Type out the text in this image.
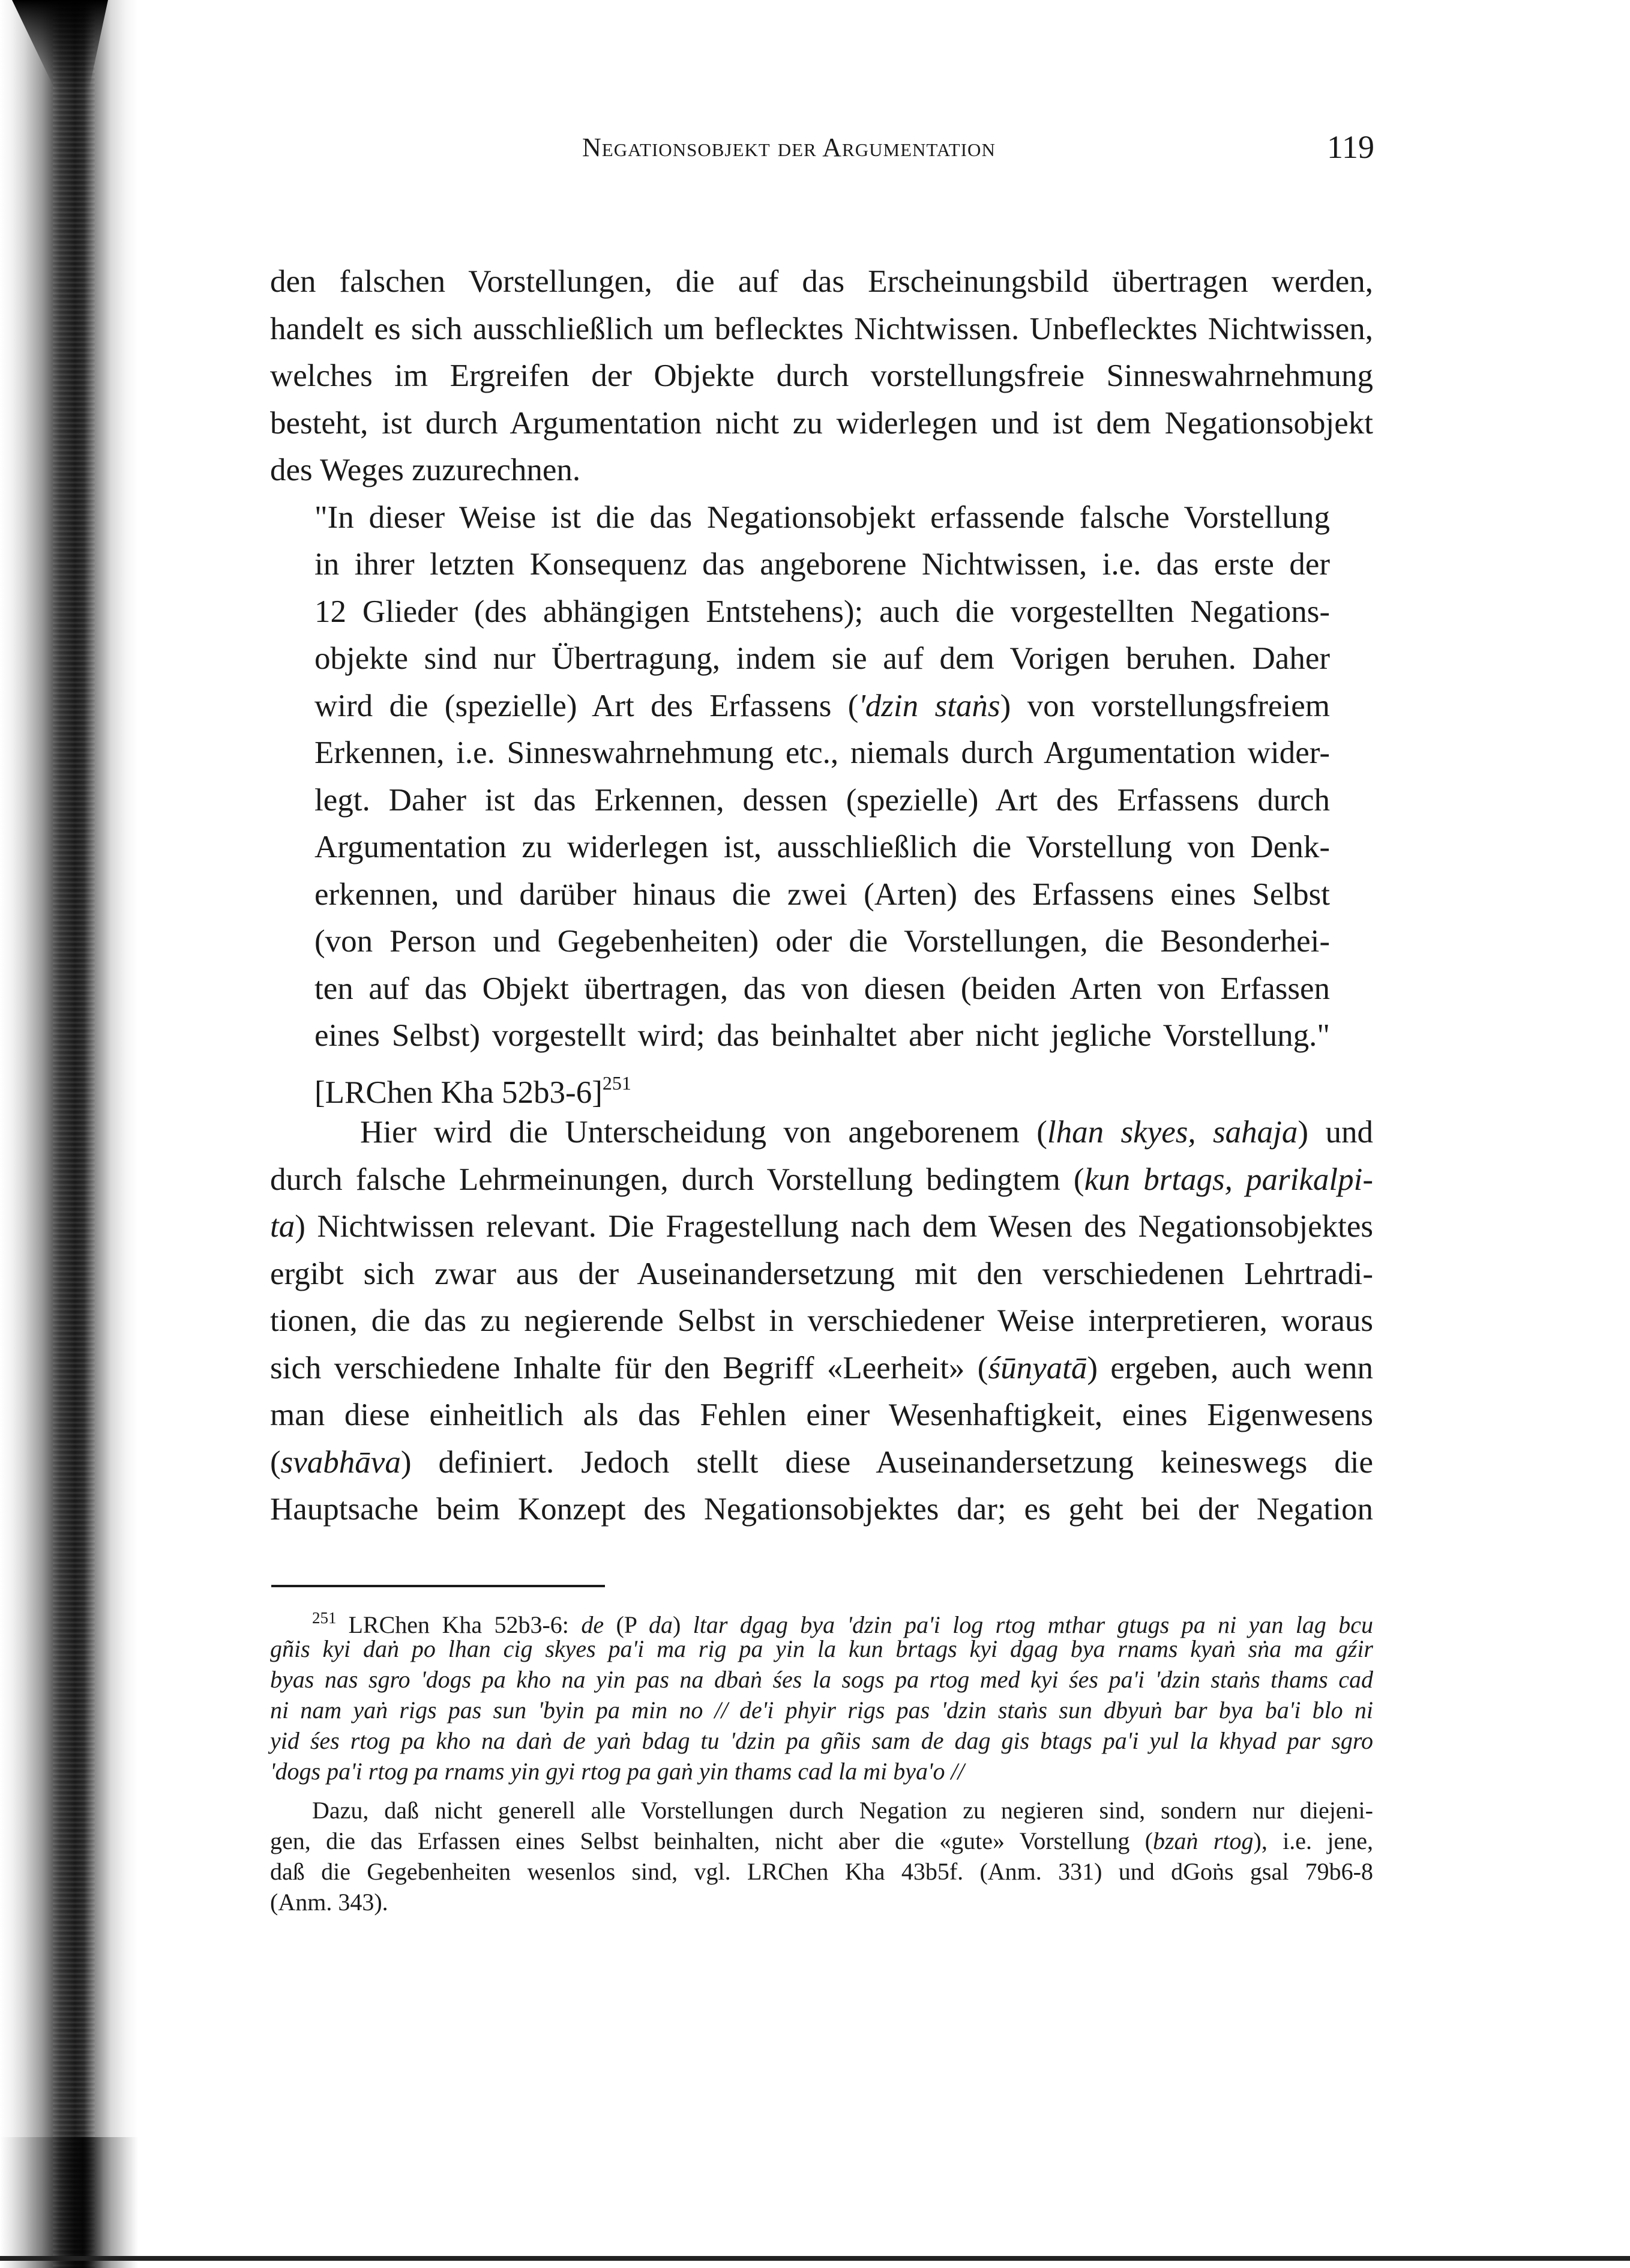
Negationsobjekt der Argumentation	119
den falschen Vorstellungen, die auf das Erscheinungsbild übertragen werden,
handelt es sich ausschließlich um beflecktes Nichtwissen. Unbeflecktes Nichtwissen,
welches im Ergreifen der Objekte durch vorstellungsfreie Sinneswahrnehmung
besteht, ist durch Argumentation nicht zu widerlegen und ist dem Negationsobjekt
des Weges zuzurechnen.
"In dieser Weise ist die das Negationsobjekt erfassende falsche Vorstellung
in ihrer letzten Konsequenz das angeborene Nichtwissen, i.e. das erste der
12 Glieder (des abhängigen Entstehens); auch die vorgestellten Negations-
objekte sind nur Übertragung, indem sie auf dem Vorigen beruhen. Daher
wird die (spezielle) Art des Erfassens ('dzin staṅs) von vorstellungsfreiem
Erkennen, i.e. Sinneswahrnehmung etc., niemals durch Argumentation wider-
legt. Daher ist das Erkennen, dessen (spezielle) Art des Erfassens durch
Argumentation zu widerlegen ist, ausschließlich die Vorstellung von Denk-
erkennen, und darüber hinaus die zwei (Arten) des Erfassens eines Selbst
(von Person und Gegebenheiten) oder die Vorstellungen, die Besonderhei-
ten auf das Objekt übertragen, das von diesen (beiden Arten von Erfassen
eines Selbst) vorgestellt wird; das beinhaltet aber nicht jegliche Vorstellung."
[LRChen Kha 52b3-6]$^{251}$
Hier wird die Unterscheidung von angeborenem (lhan skyes, sahaja) und
durch falsche Lehrmeinungen, durch Vorstellung bedingtem (kun brtags, parikalpi-
ta) Nichtwissen relevant. Die Fragestellung nach dem Wesen des Negationsobjektes
ergibt sich zwar aus der Auseinandersetzung mit den verschiedenen Lehrtradi-
tionen, die das zu negierende Selbst in verschiedener Weise interpretieren, woraus
sich verschiedene Inhalte für den Begriff «Leerheit» (śūnyatā) ergeben, auch wenn
man diese einheitlich als das Fehlen einer Wesenhaftigkeit, eines Eigenwesens
(svabhāva) definiert. Jedoch stellt diese Auseinandersetzung keineswegs die
Hauptsache beim Konzept des Negationsobjektes dar; es geht bei der Negation
$^{251}$ LRChen Kha 52b3-6: de (P da) ltar dgag bya 'dzin pa'i log rtog mthar gtugs pa ni yan lag bcu
gñis kyi daṅ po lhan cig skyes pa'i ma rig pa yin la kun brtags kyi dgag bya rnams kyaṅ sṅa ma gźir
byas nas sgro 'dogs pa kho na yin pas na dbaṅ śes la sogs pa rtog med kyi śes pa'i 'dzin staṅs thams cad
ni nam yaṅ rigs pas sun 'byin pa min no // de'i phyir rigs pas 'dzin staṅs sun dbyuṅ bar bya ba'i blo ni
yid śes rtog pa kho na daṅ de yaṅ bdag tu 'dzin pa gñis sam de dag gis btags pa'i yul la khyad par sgro
'dogs pa'i rtog pa rnams yin gyi rtog pa gaṅ yin thams cad la mi bya'o //
Dazu, daß nicht generell alle Vorstellungen durch Negation zu negieren sind, sondern nur diejeni-
gen, die das Erfassen eines Selbst beinhalten, nicht aber die «gute» Vorstellung (bzaṅ rtog), i.e. jene,
daß die Gegebenheiten wesenlos sind, vgl. LRChen Kha 43b5f. (Anm. 331) und dGoṅs gsal 79b6-8
(Anm. 343).
